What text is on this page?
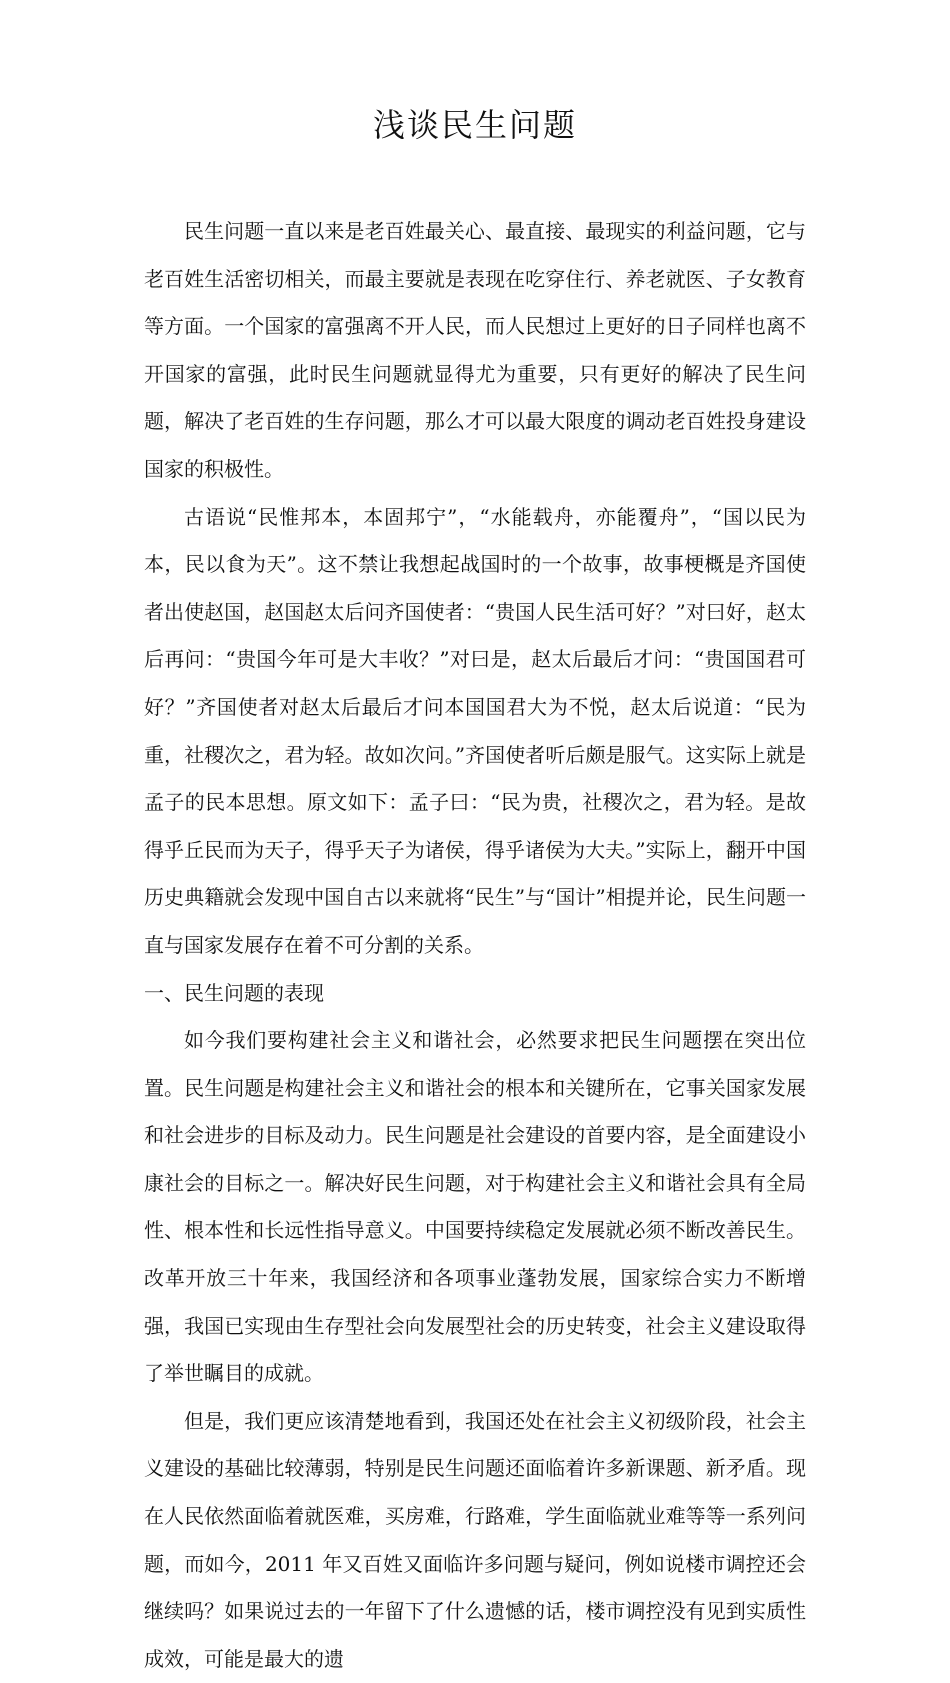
浅谈民生问题

民生问题一直以来是老百姓最关心、最直接、最现实的利益问题，它与老百姓生活密切相关，而最主要就是表现在吃穿住行、养老就医、子女教育等方面。一个国家的富强离不开人民，而人民想过上更好的日子同样也离不开国家的富强，此时民生问题就显得尤为重要，只有更好的解决了民生问题，解决了老百姓的生存问题，那么才可以最大限度的调动老百姓投身建设国家的积极性。

古语说“民惟邦本，本固邦宁”，“水能载舟，亦能覆舟”，“国以民为本，民以食为天”。这不禁让我想起战国时的一个故事，故事梗概是齐国使者出使赵国，赵国赵太后问齐国使者：“贵国人民生活可好？”对曰好，赵太后再问：“贵国今年可是大丰收？”对曰是，赵太后最后才问：“贵国国君可好？”齐国使者对赵太后最后才问本国国君大为不悦，赵太后说道：“民为重，社稷次之，君为轻。故如次问。”齐国使者听后颇是服气。这实际上就是孟子的民本思想。原文如下：孟子曰：“民为贵，社稷次之，君为轻。是故得乎丘民而为天子，得乎天子为诸侯，得乎诸侯为大夫。”实际上，翻开中国历史典籍就会发现中国自古以来就将“民生”与“国计”相提并论，民生问题一直与国家发展存在着不可分割的关系。

一、民生问题的表现

如今我们要构建社会主义和谐社会，必然要求把民生问题摆在突出位置。民生问题是构建社会主义和谐社会的根本和关键所在，它事关国家发展和社会进步的目标及动力。民生问题是社会建设的首要内容，是全面建设小康社会的目标之一。解决好民生问题，对于构建社会主义和谐社会具有全局性、根本性和长远性指导意义。中国要持续稳定发展就必须不断改善民生。改革开放三十年来，我国经济和各项事业蓬勃发展，国家综合实力不断增强，我国已实现由生存型社会向发展型社会的历史转变，社会主义建设取得了举世瞩目的成就。

但是，我们更应该清楚地看到，我国还处在社会主义初级阶段，社会主义建设的基础比较薄弱，特别是民生问题还面临着许多新课题、新矛盾。现在人民依然面临着就医难，买房难，行路难，学生面临就业难等等一系列问题，而如今，2011 年又百姓又面临许多问题与疑问，例如说楼市调控还会继续吗？如果说过去的一年留下了什么遗憾的话，楼市调控没有见到实质性成效，可能是最大的遗
